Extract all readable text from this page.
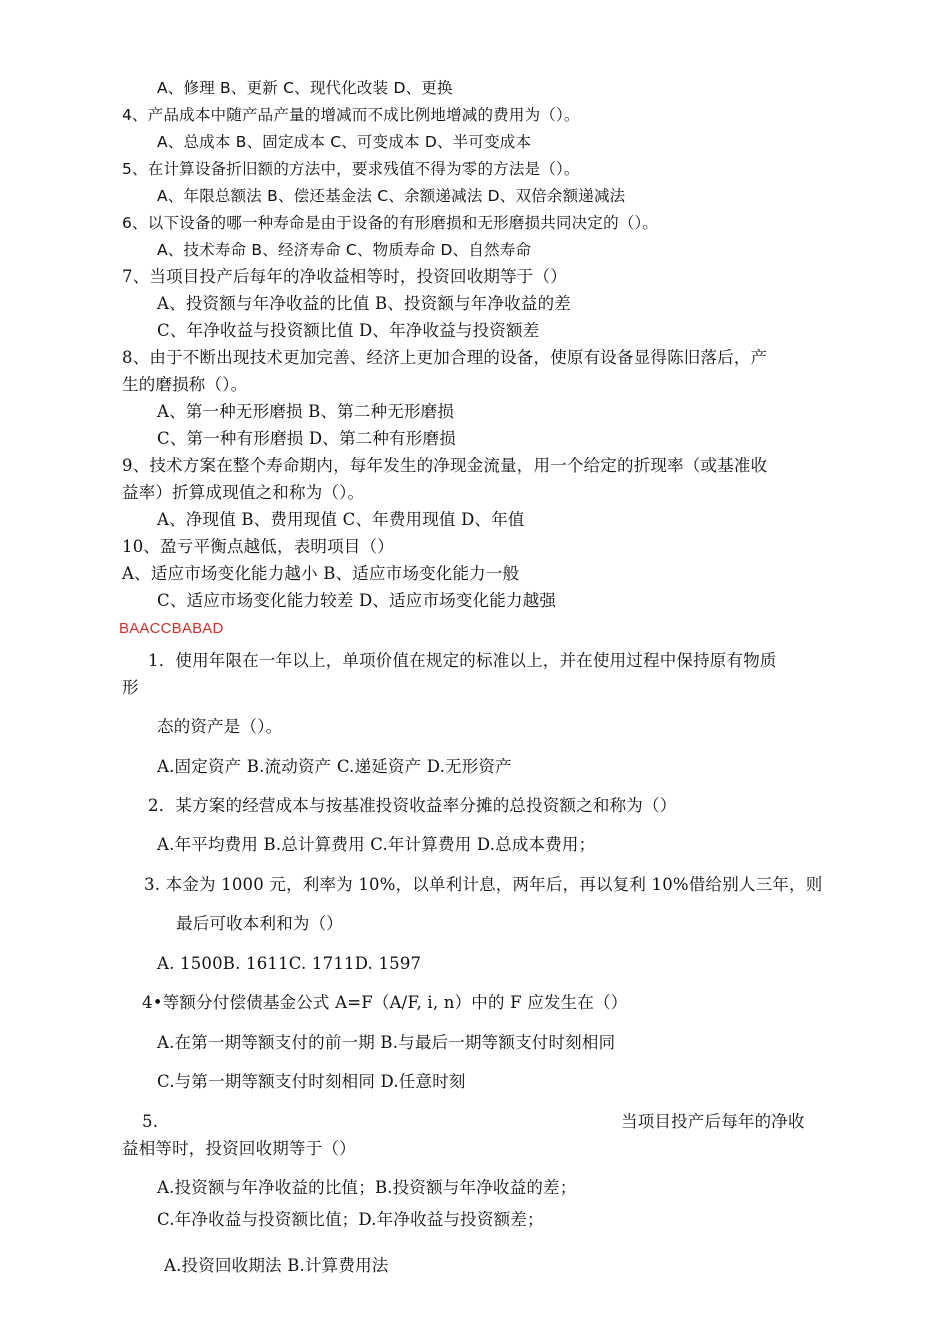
A、修理 B、更新 C、现代化改装 D、更换
4、产品成本中随产品产量的增减而不成比例地增减的费用为（）。
A、总成本 B、固定成本 C、可变成本 D、半可变成本
5、在计算设备折旧额的方法中，要求残值不得为零的方法是（）。
A、年限总额法 B、偿还基金法 C、余额递减法 D、双倍余额递减法
6、以下设备的哪一种寿命是由于设备的有形磨损和无形磨损共同决定的（）。
A、技术寿命 B、经济寿命 C、物质寿命 D、自然寿命
7、当项目投产后每年的净收益相等时，投资回收期等于（）
A、投资额与年净收益的比值 B、投资额与年净收益的差
C、年净收益与投资额比值 D、年净收益与投资额差
8、由于不断出现技术更加完善、经济上更加合理的设备，使原有设备显得陈旧落后，产
生的磨损称（）。
A、第一种无形磨损 B、第二种无形磨损
C、第一种有形磨损 D、第二种有形磨损
9、技术方案在整个寿命期内，每年发生的净现金流量，用一个给定的折现率（或基准收
益率）折算成现值之和称为（）。
A、净现值 B、费用现值 C、年费用现值 D、年值
10、盈亏平衡点越低，表明项目（）
A、适应市场变化能力越小 B、适应市场变化能力一般
C、适应市场变化能力较差 D、适应市场变化能力越强
BAACCBABAD
1．使用年限在一年以上，单项价值在规定的标准以上，并在使用过程中保持原有物质
形
态的资产是（）。
A.固定资产 B.流动资产 C.递延资产 D.无形资产
2．某方案的经营成本与按基准投资收益率分摊的总投资额之和称为（）
A.年平均费用 B.总计算费用 C.年计算费用 D.总成本费用；
3. 本金为 1000 元，利率为 10%，以单利计息，两年后，再以复利 10%借给别人三年，则
最后可收本利和为（）
A. 1500B. 1611C. 1711D. 1597
4•等额分付偿债基金公式 A=F（A/F, i, n）中的 F 应发生在（）
A.在第一期等额支付的前一期 B.与最后一期等额支付时刻相同
C.与第一期等额支付时刻相同 D.任意时刻
5.	当项目投产后每年的净收
益相等时，投资回收期等于（）
A.投资额与年净收益的比值；B.投资额与年净收益的差；
C.年净收益与投资额比值；D.年净收益与投资额差；
A.投资回收期法 B.计算费用法
